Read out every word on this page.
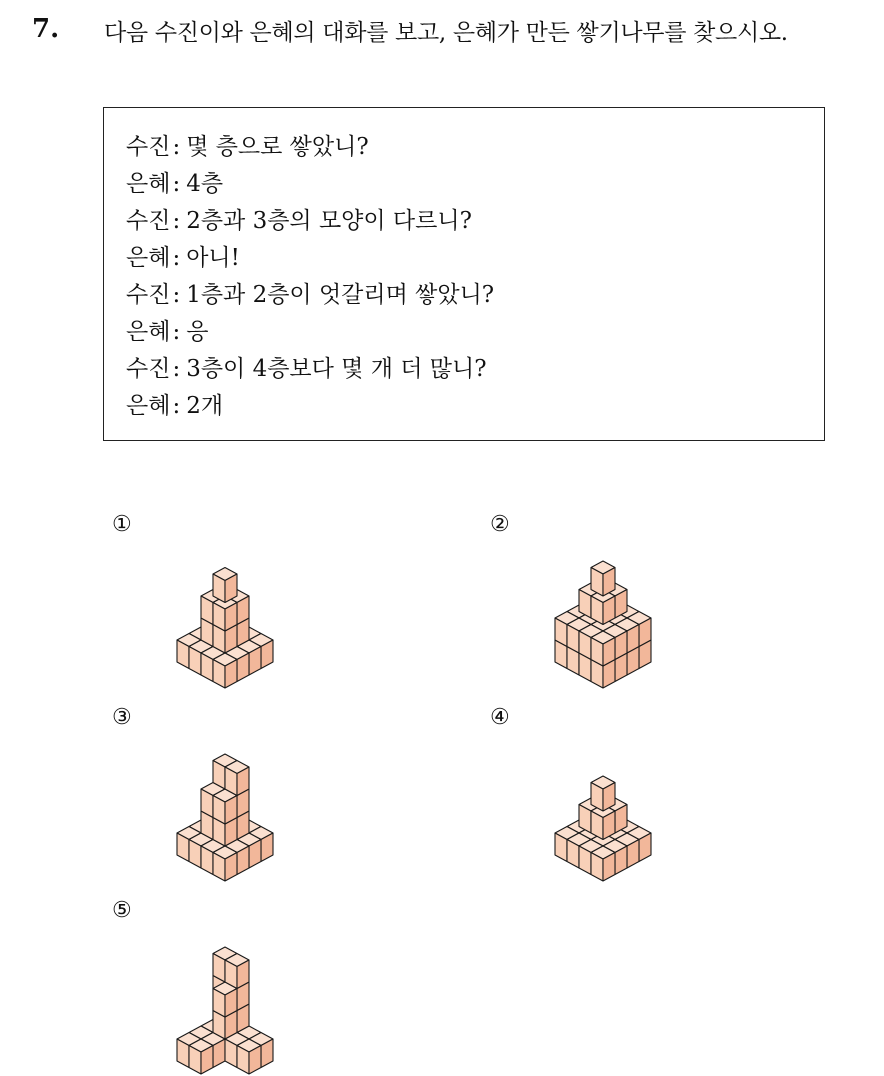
7. 다음 수진이와 은혜의 대화를 보고, 은혜가 만든 쌓기나무를 찾으시오.
수진: 몇 층으로 쌓았니?
은혜: 4층
수진: 2층과 3층의 모양이 다르니?
은혜: 아니!
수진: 1층과 2층이 엇갈리며 쌓았니?
은혜: 응
수진: 3층이 4층보다 몇 개 더 많니?
은혜: 2개
①	②
③	④
⑤
